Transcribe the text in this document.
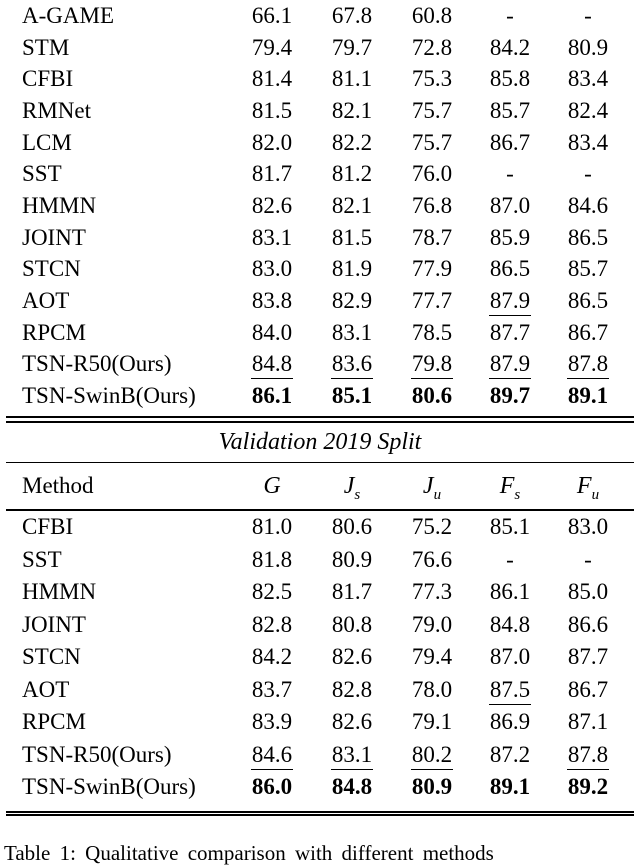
A-GAME	66.1	67.8	60.8	-	-
STM	79.4	79.7	72.8	84.2	80.9
CFBI	81.4	81.1	75.3	85.8	83.4
RMNet	81.5	82.1	75.7	85.7	82.4
LCM	82.0	82.2	75.7	86.7	83.4
SST	81.7	81.2	76.0	-	-
HMMN	82.6	82.1	76.8	87.0	84.6
JOINT	83.1	81.5	78.7	85.9	86.5
STCN	83.0	81.9	77.9	86.5	85.7
AOT	83.8	82.9	77.7	87.9	86.5
RPCM	84.0	83.1	78.5	87.7	86.7
TSN-R50(Ours)	84.8	83.6	79.8	87.9	87.8
TSN-SwinB(Ours)	86.1	85.1	80.6	89.7	89.1
Validation 2019 Split
Method	G	$J_s$	$J_u$	$F_s$	$F_u$
CFBI	81.0	80.6	75.2	85.1	83.0
SST	81.8	80.9	76.6	-	-
HMMN	82.5	81.7	77.3	86.1	85.0
JOINT	82.8	80.8	79.0	84.8	86.6
STCN	84.2	82.6	79.4	87.0	87.7
AOT	83.7	82.8	78.0	87.5	86.7
RPCM	83.9	82.6	79.1	86.9	87.1
TSN-R50(Ours)	84.6	83.1	80.2	87.2	87.8
TSN-SwinB(Ours)	86.0	84.8	80.9	89.1	89.2
Table 1: Qualitative comparison with different methods
